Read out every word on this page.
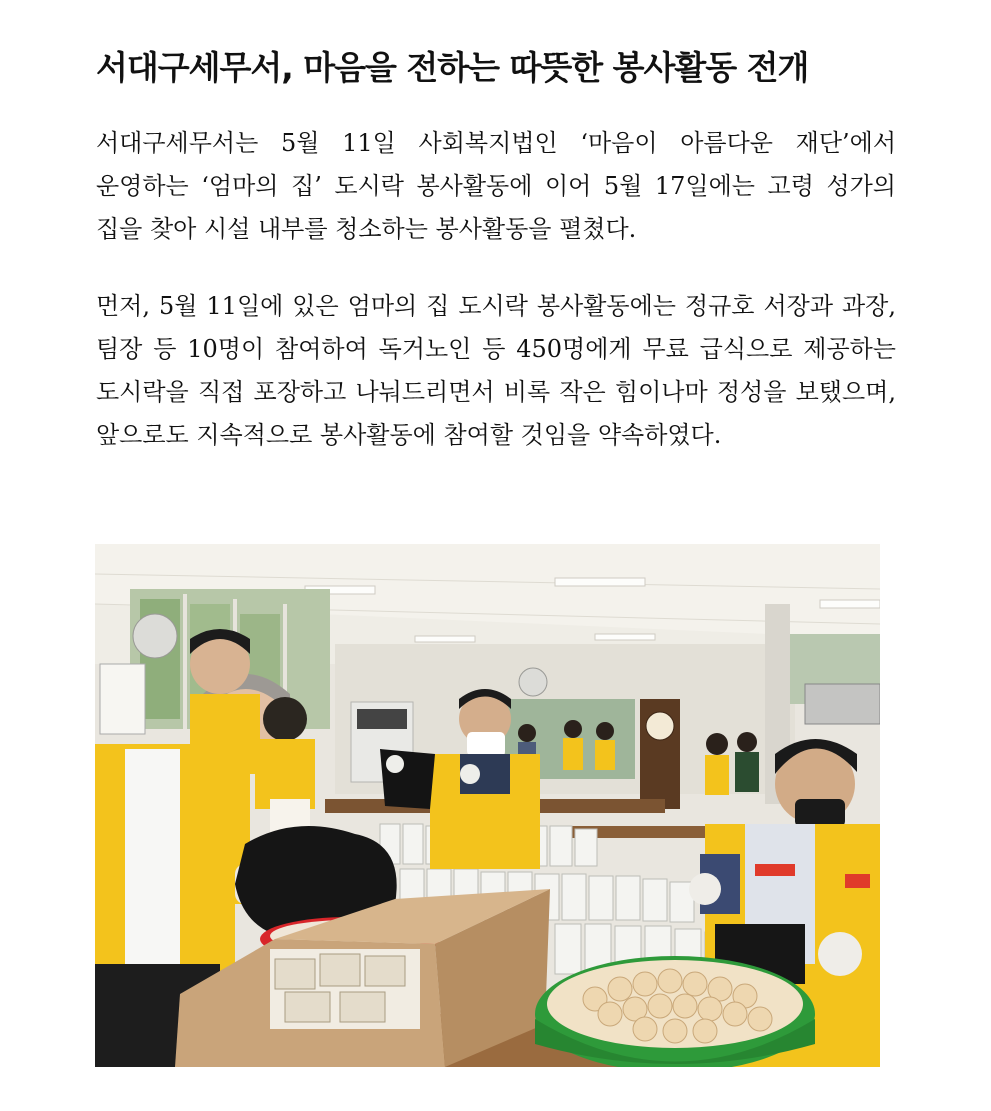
서대구세무서, 마음을 전하는 따뜻한 봉사활동 전개

서대구세무서는 5월 11일 사회복지법인 ‘마음이 아름다운 재단’에서 운영하는 ‘엄마의 집’ 도시락 봉사활동에 이어 5월 17일에는 고령 성가의 집을 찾아 시설 내부를 청소하는 봉사활동을 펼쳤다.

먼저, 5월 11일에 있은 엄마의 집 도시락 봉사활동에는 정규호 서장과 과장, 팀장 등 10명이 참여하여 독거노인 등 450명에게 무료 급식으로 제공하는 도시락을 직접 포장하고 나눠드리면서 비록 작은 힘이나마 정성을 보탰으며, 앞으로도 지속적으로 봉사활동에 참여할 것임을 약속하였다.
